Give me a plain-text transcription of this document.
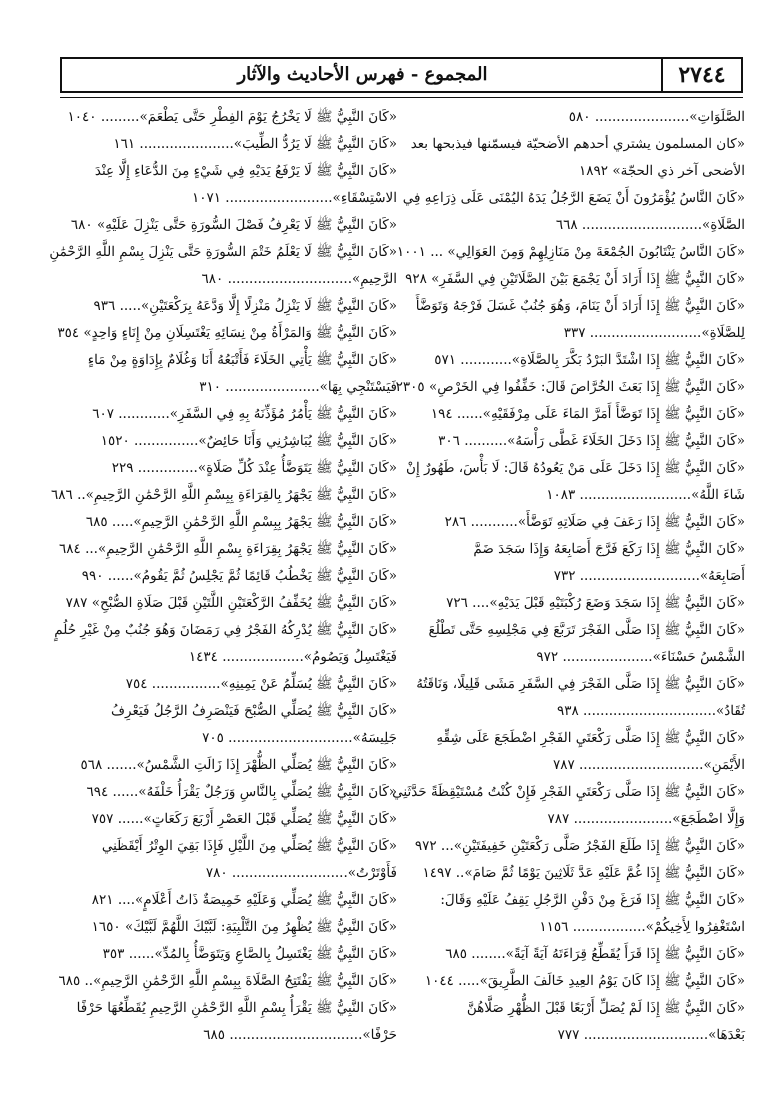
٢٧٤٤
المجموع - فهرس الأحاديث والآثار
الصَّلَوَاتِ»...................... ٥٨٠
«كان المسلمون يشتري أحدهم الأضحيّة فيسمّنها فيذبحها بعد
الأضحى آخر ذي الحجّة» ١٨٩٢
«كَانَ النَّاسُ يُؤْمَرُونَ أَنْ يَضَعَ الرَّجُلُ يَدَهُ اليُمْنَى عَلَى ذِرَاعِهِ فِي
الصَّلَاةِ»............................ ٦٦٨
«كَانَ النَّاسُ يَنْتَابُونَ الجُمْعَةَ مِنْ مَنَازِلِهِمْ وَمِنَ العَوَالِي» ... ١٠٠١
«كَانَ النَّبِيُّ ﷺ إِذَا أَرَادَ أَنْ يَجْمَعَ بَيْنَ الصَّلَاتَيْنِ فِي السَّفَرِ» ٩٢٨
«كَانَ النَّبِيُّ ﷺ إِذَا أَرَادَ أَنْ يَنَامَ، وَهُوَ جُنُبٌ غَسَلَ فَرْجَهُ وَتَوَضَّأَ
لِلصَّلَاةِ».......................... ٣٣٧
«كَانَ النَّبِيُّ ﷺ إِذَا اشْتَدَّ البَرْدُ بَكَّرَ بِالصَّلَاةِ»............ ٥٧١
«كَانَ النَّبِيُّ ﷺ إِذَا بَعَثَ الخُرَّاصَ قَالَ: خَفِّفُوا فِي الخَرْصِ» ٢٣٠٥
«كَانَ النَّبِيُّ ﷺ إِذَا تَوَضَّأَ أَمَرَّ المَاءَ عَلَى مِرْفَقَيْهِ»...... ١٩٤
«كَانَ النَّبِيُّ ﷺ إِذَا دَخَلَ الخَلَاءَ غَطَّى رَأْسَهُ».......... ٣٠٦
«كَانَ النَّبِيُّ ﷺ إِذَا دَخَلَ عَلَى مَنْ يَعُودُهُ قَالَ: لَا بَأْسَ، طَهُورٌ إِنْ
شَاءَ اللَّهُ».......................... ١٠٨٣
«كَانَ النَّبِيُّ ﷺ إِذَا رَعَفَ فِي صَلَاتِهِ تَوَضَّأَ»........... ٢٨٦
«كَانَ النَّبِيُّ ﷺ إِذَا رَكَعَ فَرَّجَ أَصَابِعَهُ وَإِذَا سَجَدَ ضَمَّ
أَصَابِعَهُ»............................ ٧٣٢
«كَانَ النَّبِيُّ ﷺ إِذَا سَجَدَ وَضَعَ رُكْبَتَيْهِ قَبْلَ يَدَيْهِ».... ٧٢٦
«كَانَ النَّبِيُّ ﷺ إِذَا صَلَّى الفَجْرَ تَرَبَّعَ فِي مَجْلِسِهِ حَتَّى تَطْلُعَ
الشَّمْسُ حَسْنَاءَ»..................... ٩٧٢
«كَانَ النَّبِيُّ ﷺ إِذَا صَلَّى الفَجْرَ فِي السَّفَرِ مَشَى قَلِيلًا، وَنَاقَتُهُ
تُقَادُ»............................... ٩٣٨
«كَانَ النَّبِيُّ ﷺ إِذَا صَلَّى رَكْعَتَيِ الفَجْرِ اضْطَجَعَ عَلَى شِقِّهِ
الأَيْمَنِ»............................. ٧٨٧
«كَانَ النَّبِيُّ ﷺ إِذَا صَلَّى رَكْعَتَيِ الفَجْرِ فَإِنْ كُنْتُ مُسْتَيْقِظَةً حَدَّثَنِي
وَإِلَّا اضْطَجَعَ»....................... ٧٨٧
«كَانَ النَّبِيُّ ﷺ إِذَا طَلَعَ الفَجْرُ صَلَّى رَكْعَتَيْنِ خَفِيفَتَيْنِ»... ٩٧٢
«كَانَ النَّبِيُّ ﷺ إِذَا غُمَّ عَلَيْهِ عَدَّ ثَلَاثِينَ يَوْمًا ثُمَّ صَامَ».. ١٤٩٧
«كَانَ النَّبِيُّ ﷺ إِذَا فَرَغَ مِنْ دَفْنِ الرَّجُلِ يَقِفُ عَلَيْهِ وَقَالَ:
اسْتَغْفِرُوا لِأَخِيكُمْ»................. ١١٥٦
«كَانَ النَّبِيُّ ﷺ إِذَا قَرَأَ يُقَطِّعُ قِرَاءَتَهُ آيَةً آيَةً»........ ٦٨٥
«كَانَ النَّبِيُّ ﷺ إِذَا كَانَ يَوْمُ العِيدِ خَالَفَ الطَّرِيقَ»..... ١٠٤٤
«كَانَ النَّبِيُّ ﷺ إِذَا لَمْ يُصَلِّ أَرْبَعًا قَبْلَ الظُّهْرِ صَلَّاهُنَّ
بَعْدَهَا»............................. ٧٧٧
«كَانَ النَّبِيُّ ﷺ لَا يَخْرُجُ يَوْمَ الفِطْرِ حَتَّى يَطْعَمَ»......... ١٠٤٠
«كَانَ النَّبِيُّ ﷺ لَا يَرُدُّ الطِّيبَ»...................... ١٦١
«كَانَ النَّبِيُّ ﷺ لَا يَرْفَعُ يَدَيْهِ فِي شَيْءٍ مِنَ الدُّعَاءِ إِلَّا عِنْدَ
الاسْتِسْقَاءِ»......................... ١٠٧١
«كَانَ النَّبِيُّ ﷺ لَا يَعْرِفُ فَصْلَ السُّورَةِ حَتَّى يَنْزِلَ عَلَيْهِ» ٦٨٠
«كَانَ النَّبِيُّ ﷺ لَا يَعْلَمُ خَتْمَ السُّورَةِ حَتَّى يَنْزِلَ بِسْمِ اللَّهِ الرَّحْمَٰنِ
الرَّحِيمِ»............................. ٦٨٠
«كَانَ النَّبِيُّ ﷺ لَا يَنْزِلُ مَنْزِلًا إِلَّا وَدَّعَهُ بِرَكْعَتَيْنِ»..... ٩٣٦
«كَانَ النَّبِيُّ ﷺ وَالمَرْأَةُ مِنْ نِسَائِهِ يَغْتَسِلَانِ مِنْ إِنَاءٍ وَاحِدٍ» ٣٥٤
«كَانَ النَّبِيُّ ﷺ يَأْتِي الخَلَاءَ فَأَتْبَعُهُ أَنَا وَغُلَامٌ بِإِدَاوَةٍ مِنْ مَاءٍ
فَيَسْتَنْجِي بِهَا»...................... ٣١٠
«كَانَ النَّبِيُّ ﷺ يَأْمُرُ مُؤَذِّنَهُ بِهِ فِي السَّفَرِ»............ ٦٠٧
«كَانَ النَّبِيُّ ﷺ يُبَاشِرُنِي وَأَنَا حَائِضٌ»............... ١٥٢٠
«كَانَ النَّبِيُّ ﷺ يَتَوَضَّأُ عِنْدَ كُلِّ صَلَاةٍ».............. ٢٢٩
«كَانَ النَّبِيُّ ﷺ يَجْهَرُ بِالقِرَاءَةِ بِبِسْمِ اللَّهِ الرَّحْمَٰنِ الرَّحِيمِ».. ٦٨٦
«كَانَ النَّبِيُّ ﷺ يَجْهَرُ بِبِسْمِ اللَّهِ الرَّحْمَٰنِ الرَّحِيمِ»..... ٦٨٥
«كَانَ النَّبِيُّ ﷺ يَجْهَرُ بِقِرَاءَةِ بِسْمِ اللَّهِ الرَّحْمَٰنِ الرَّحِيمِ»... ٦٨٤
«كَانَ النَّبِيُّ ﷺ يَخْطُبُ قَائِمًا ثُمَّ يَجْلِسُ ثُمَّ يَقُومُ»...... ٩٩٠
«كَانَ النَّبِيُّ ﷺ يُخَفِّفُ الرَّكْعَتَيْنِ اللَّتَيْنِ قَبْلَ صَلَاةِ الصُّبْحِ» ٧٨٧
«كَانَ النَّبِيُّ ﷺ يُدْرِكُهُ الفَجْرُ فِي رَمَضَانَ وَهُوَ جُنُبٌ مِنْ غَيْرِ حُلُمٍ
فَيَغْتَسِلُ وَيَصُومُ»................... ١٤٣٤
«كَانَ النَّبِيُّ ﷺ يُسَلِّمُ عَنْ يَمِينِهِ»................ ٧٥٤
«كَانَ النَّبِيُّ ﷺ يُصَلِّي الصُّبْحَ فَيَنْصَرِفُ الرَّجُلُ فَيَعْرِفُ
جَلِيسَهُ»............................. ٧٠٥
«كَانَ النَّبِيُّ ﷺ يُصَلِّي الظُّهْرَ إِذَا زَالَتِ الشَّمْسُ»....... ٥٦٨
«كَانَ النَّبِيُّ ﷺ يُصَلِّي بِالنَّاسِ وَرَجُلٌ يَقْرَأُ خَلْفَهُ»...... ٦٩٤
«كَانَ النَّبِيُّ ﷺ يُصَلِّي قَبْلَ العَصْرِ أَرْبَعَ رَكَعَاتٍ»...... ٧٥٧
«كَانَ النَّبِيُّ ﷺ يُصَلِّي مِنَ اللَّيْلِ فَإِذَا بَقِيَ الوِتْرُ أَيْقَظَنِي
فَأَوْتَرْتُ»........................... ٧٨٠
«كَانَ النَّبِيُّ ﷺ يُصَلِّي وَعَلَيْهِ خَمِيصَةٌ ذَاتُ أَعْلَامٍ».... ٨٢١
«كَانَ النَّبِيُّ ﷺ يُظْهِرُ مِنَ التَّلْبِيَةِ: لَبَّيْكَ اللَّهُمَّ لَبَّيْكَ» ١٦٥٠
«كَانَ النَّبِيُّ ﷺ يَغْتَسِلُ بِالصَّاعِ وَيَتَوَضَّأُ بِالمُدِّ»...... ٣٥٣
«كَانَ النَّبِيُّ ﷺ يَفْتَتِحُ الصَّلَاةَ بِبِسْمِ اللَّهِ الرَّحْمَٰنِ الرَّحِيمِ».. ٦٨٥
«كَانَ النَّبِيُّ ﷺ يَقْرَأُ بِسْمِ اللَّهِ الرَّحْمَٰنِ الرَّحِيمِ يُقَطِّعُهَا حَرْفًا
حَرْفًا»............................... ٦٨٥
